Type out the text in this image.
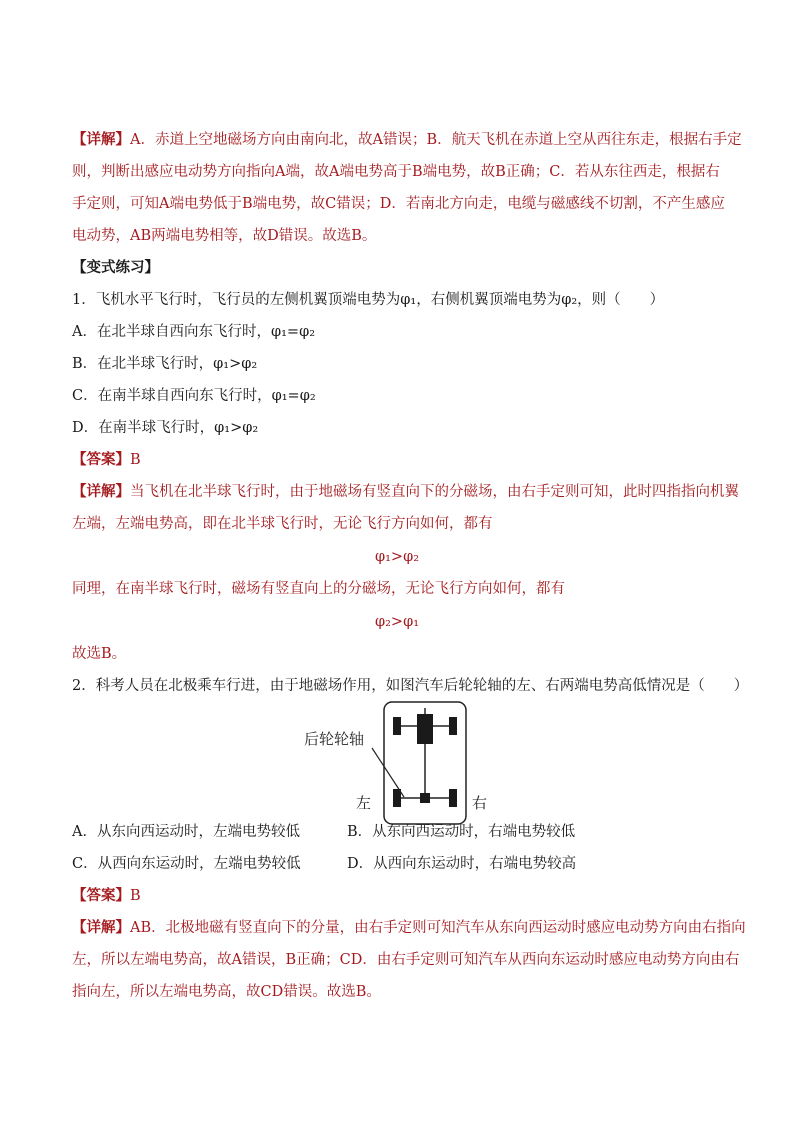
【详解】A．赤道上空地磁场方向由南向北，故A错误；B．航天飞机在赤道上空从西往东走，根据右手定
则，判断出感应电动势方向指向A端，故A端电势高于B端电势，故B正确；C．若从东往西走，根据右
手定则，可知A端电势低于B端电势，故C错误；D．若南北方向走，电缆与磁感线不切割，不产生感应
电动势，AB两端电势相等，故D错误。故选B。
【变式练习】
1．飞机水平飞行时，飞行员的左侧机翼顶端电势为φ₁，右侧机翼顶端电势为φ₂，则（　　）
A．在北半球自西向东飞行时，φ₁=φ₂
B．在北半球飞行时，φ₁>φ₂
C．在南半球自西向东飞行时，φ₁=φ₂
D．在南半球飞行时，φ₁>φ₂
【答案】B
【详解】当飞机在北半球飞行时，由于地磁场有竖直向下的分磁场，由右手定则可知，此时四指指向机翼
左端，左端电势高，即在北半球飞行时，无论飞行方向如何，都有
φ₁>φ₂
同理，在南半球飞行时，磁场有竖直向上的分磁场，无论飞行方向如何，都有
φ₂>φ₁
故选B。
后轮轮轴
左	右
A．从东向西运动时，左端电势较低	B．从东向西运动时，右端电势较低
C．从西向东运动时，左端电势较低	D．从西向东运动时，右端电势较高
【答案】B
【详解】AB．北极地磁有竖直向下的分量，由右手定则可知汽车从东向西运动时感应电动势方向由右指向
左，所以左端电势高，故A错误，B正确；CD．由右手定则可知汽车从西向东运动时感应电动势方向由右
指向左，所以左端电势高，故CD错误。故选B。
2．科考人员在北极乘车行进，由于地磁场作用，如图汽车后轮轮轴的左、右两端电势高低情况是（　　）
